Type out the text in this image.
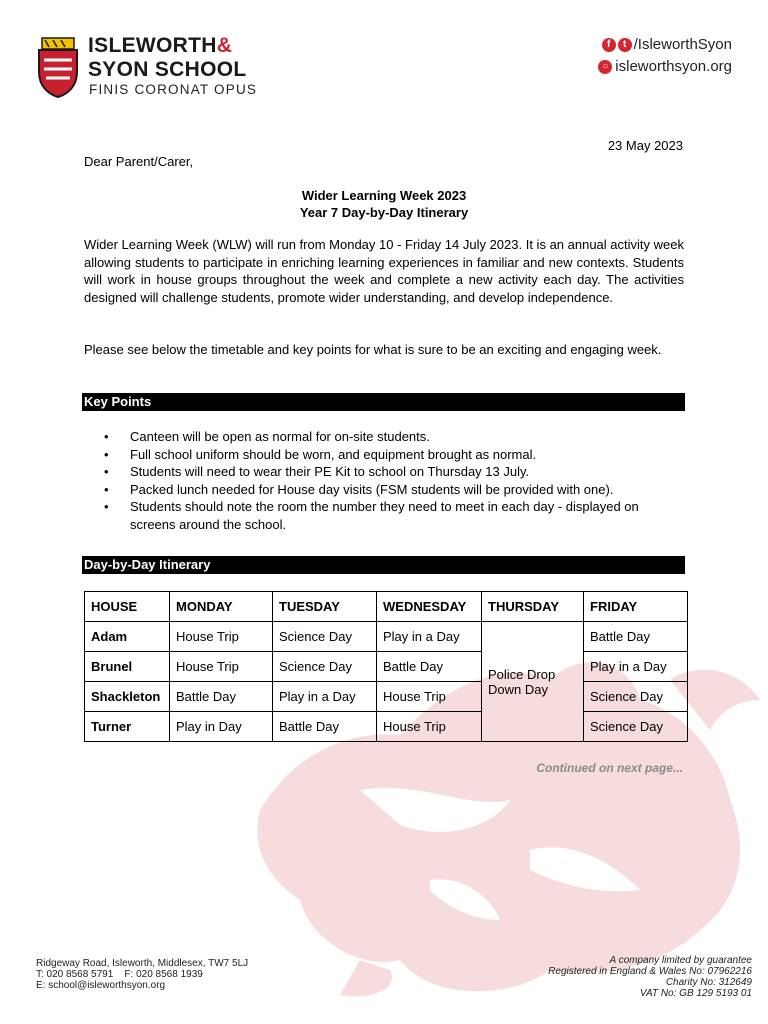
ISLEWORTH&
SYON SCHOOL
FINIS CORONAT OPUS
f	t /IsleworthSyon
○ isleworthsyon.org
23 May 2023
Dear Parent/Carer,
Wider Learning Week 2023
Year 7 Day-by-Day Itinerary
Wider Learning Week (WLW) will run from Monday 10 - Friday 14 July 2023. It is an annual activity week allowing students to participate in enriching learning experiences in familiar and new contexts. Students will work in house groups throughout the week and complete a new activity each day. The activities designed will challenge students, promote wider understanding, and develop independence.
Please see below the timetable and key points for what is sure to be an exciting and engaging week.
Key Points
• Canteen will be open as normal for on-site students.
• Full school uniform should be worn, and equipment brought as normal.
• Students will need to wear their PE Kit to school on Thursday 13 July.
• Packed lunch needed for House day visits (FSM students will be provided with one).
• Students should note the room the number they need to meet in each day - displayed on screens around the school.
Day-by-Day Itinerary
HOUSE	MONDAY	TUESDAY	WEDNESDAY	THURSDAY	FRIDAY
Adam	House Trip	Science Day	Play in a Day	Police Drop Down Day	Battle Day
Brunel	House Trip	Science Day	Battle Day		Play in a Day
Shackleton	Battle Day	Play in a Day	House Trip		Science Day
Turner	Play in Day	Battle Day	House Trip		Science Day
Continued on next page...
Ridgeway Road, Isleworth, Middlesex, TW7 5LJ
T: 020 8568 5791 F: 020 8568 1939
E: school@isleworthsyon.org
A company limited by guarantee
Registered in England & Wales No: 07962216
Charity No: 312649
VAT No: GB 129 5193 01
